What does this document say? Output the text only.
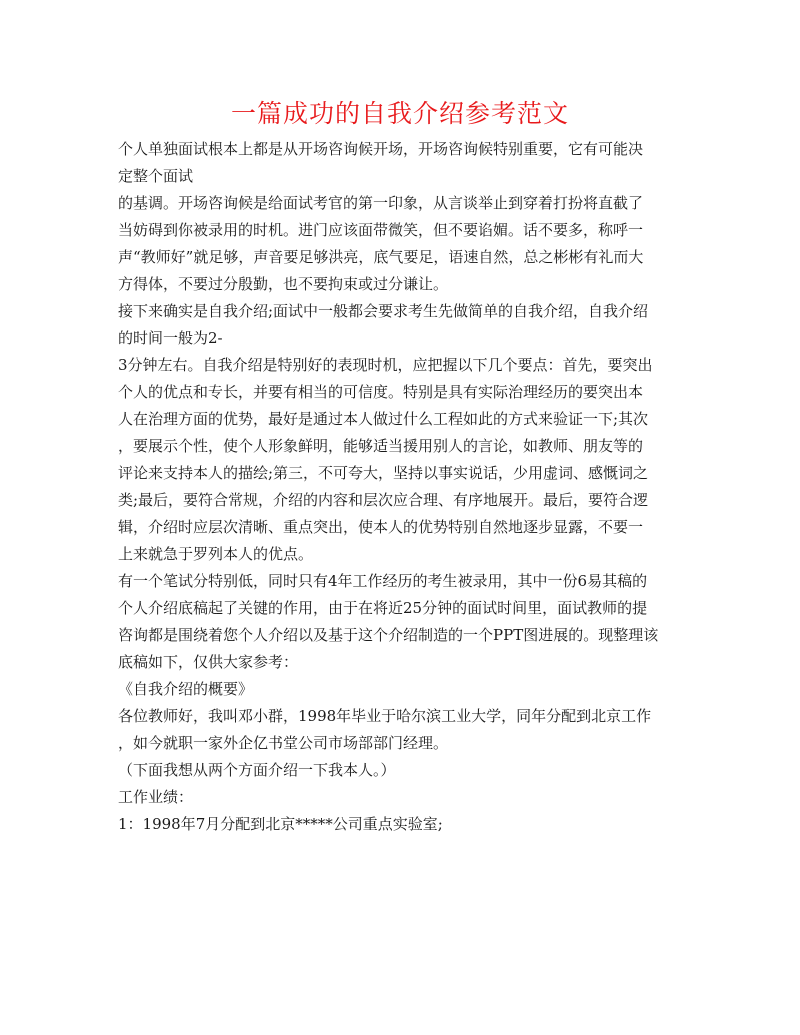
一篇成功的自我介绍参考范文
个人单独面试根本上都是从开场咨询候开场，开场咨询候特别重要，它有可能决
定整个面试
的基调。开场咨询候是给面试考官的第一印象，从言谈举止到穿着打扮将直截了
当妨碍到你被录用的时机。进门应该面带微笑，但不要谄媚。话不要多，称呼一
声“教师好”就足够，声音要足够洪亮，底气要足，语速自然，总之彬彬有礼而大
方得体，不要过分殷勤，也不要拘束或过分谦让。
接下来确实是自我介绍;面试中一般都会要求考生先做简单的自我介绍，自我介绍
的时间一般为2-
3分钟左右。自我介绍是特别好的表现时机，应把握以下几个要点：首先，要突出
个人的优点和专长，并要有相当的可信度。特别是具有实际治理经历的要突出本
人在治理方面的优势，最好是通过本人做过什么工程如此的方式来验证一下;其次
，要展示个性，使个人形象鲜明，能够适当援用别人的言论，如教师、朋友等的
评论来支持本人的描绘;第三，不可夸大，坚持以事实说话，少用虚词、感慨词之
类;最后，要符合常规，介绍的内容和层次应合理、有序地展开。最后，要符合逻
辑，介绍时应层次清晰、重点突出，使本人的优势特别自然地逐步显露，不要一
上来就急于罗列本人的优点。
有一个笔试分特别低，同时只有4年工作经历的考生被录用，其中一份6易其稿的
个人介绍底稿起了关键的作用，由于在将近25分钟的面试时间里，面试教师的提
咨询都是围绕着您个人介绍以及基于这个介绍制造的一个PPT图进展的。现整理该
底稿如下，仅供大家参考：
《自我介绍的概要》
各位教师好，我叫邓小群，1998年毕业于哈尔滨工业大学，同年分配到北京工作
，如今就职一家外企亿书堂公司市场部部门经理。
（下面我想从两个方面介绍一下我本人。）
工作业绩：
1：1998年7月分配到北京*****公司重点实验室;
